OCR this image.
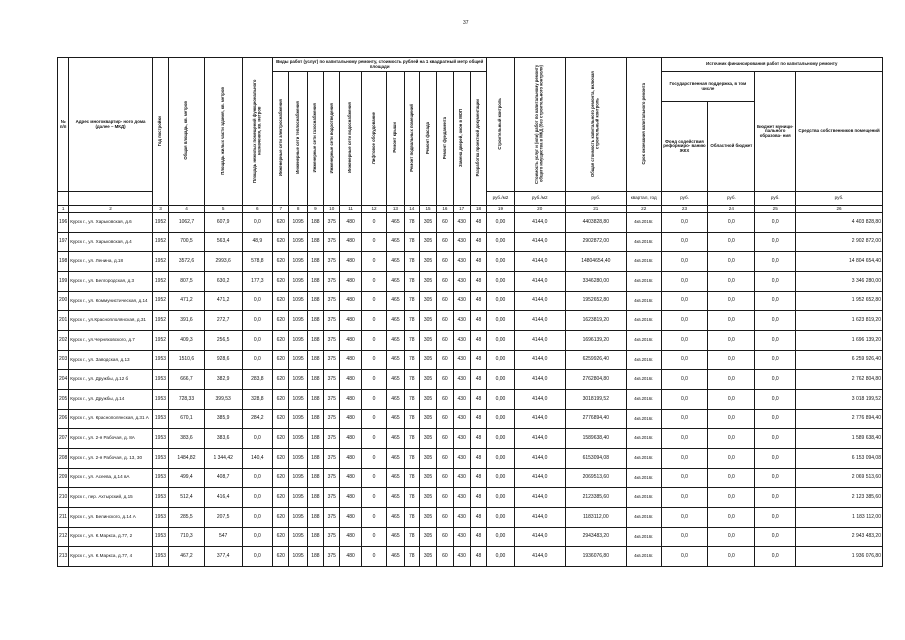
37
№ п/п	Адрес многоквартир- ного дома (далее – МКД)	Год постройки	Общая площадь, кв. метров	Площадь жилых части здания, кв. метров	Площадь нежилых помещений функционального назначения, кв. метров	Виды работ (услуг) по капитальному ремонту, стоимость рублей на 1 квадратный метр общей площади												Строительный контроль	Стоимость услуг и (или) работ по капитальному ремонту общего имущества в МКД (без строительного контроля)	Общая стоимость капитального ремонта, включая строительный контроль	Срок окончания капитального ремонта	Источник финансирования работ по капитальному ремонту			
						Инженерные сети электроснабжения	Инженерные сети теплоснабжения	Инженерные сети газоснабжения	Инженерные сети водоотведения	Инженерные сети водоснабжения	Лифтовое оборудование	Ремонт крыши	Ремонт подвальных помещений	Ремонт фасада	Ремонт фундамента	Замена дверей, окон в МОП	Разработка проектной документации					Государственная поддержка, в том числе		Бюджет муници- пального образова- ния	Средства собственников помещений
																						Фонд содействия реформиро- ванию ЖКХ	Областной бюджет		
																		руб./м2	руб./м2	руб.	квартал, год	руб.	руб.	руб.	руб.
1	2	3	4	5	6	7	8	9	10	11	12	13	14	15	16	17	18	19	20	21	22	23	24	25	26
196	Курск г., ул. Харьковская, д.6	1952	1062,7	607,9	0,0	620	1095	188	375	480	0	465	78	305	60	430	48	0,00	4144,0	4403828,80	4кв.2016г.	0,0	0,0	0,0	4 403 828,80
197	Курск г., ул. Харьковская, д.4	1952	700,5	563,4	48,9	620	1095	188	375	480	0	465	78	305	60	430	48	0,00	4144,0	2902872,00	4кв.2016г.	0,0	0,0	0,0	2 902 872,00
198	Курск г., ул. Ленина, д.18	1952	3572,6	2993,6	578,8	620	1095	188	375	480	0	465	78	305	60	430	48	0,00	4144,0	14804654,40	4кв.2016г.	0,0	0,0	0,0	14 804 654,40
199	Курск г., ул. Белгородская, д.3	1952	807,5	630,2	177,3	620	1095	188	375	480	0	465	78	305	60	430	48	0,00	4144,0	3346280,00	4кв.2016г.	0,0	0,0	0,0	3 346 280,00
200	Курск г., ул. Коммунистическая, д.14	1952	471,2	471,2	0,0	620	1095	188	375	480	0	465	78	305	60	430	48	0,00	4144,0	1952652,80	4кв.2016г.	0,0	0,0	0,0	1 952 652,80
201	Курск г., ул.Красноплолянская, д.31	1952	391,6	272,7	0,0	620	1095	188	375	480	0	465	78	305	60	430	48	0,00	4144,0	1623819,20	4кв.2016г.	0,0	0,0	0,0	1 623 819,20
202	Курск г., ул.Черняховского, д.7	1952	409,3	256,5	0,0	620	1095	188	375	480	0	465	78	305	60	430	48	0,00	4144,0	1696139,20	4кв.2016г.	0,0	0,0	0,0	1 696 139,20
203	Курск г., ул. Заводская, д.13	1953	1510,6	928,6	0,0	620	1095	188	375	480	0	465	78	305	60	430	48	0,00	4144,0	6259926,40	4кв.2016г.	0,0	0,0	0,0	6 259 926,40
204	Курск г., ул. Дружбы, д.12 б	1953	666,7	382,9	283,8	620	1095	188	375	480	0	465	78	305	60	430	48	0,00	4144,0	2762804,80	4кв.2016г.	0,0	0,0	0,0	2 762 804,80
205	Курск г., ул. Дружбы, д.14	1953	728,33	399,53	328,8	620	1095	188	375	480	0	465	78	305	60	430	48	0,00	4144,0	3018199,52	4кв.2016г.	0,0	0,0	0,0	3 018 199,52
206	Курск г., ул. Краснополянская, д.31 А	1953	670,1	385,9	284,2	620	1095	188	375	480	0	465	78	305	60	430	48	0,00	4144,0	2776894,40	4кв.2016г.	0,0	0,0	0,0	2 776 894,40
207	Курск г., ул. 2-я Рабочая, д. 8А	1953	383,6	383,6	0,0	620	1095	188	375	480	0	465	78	305	60	430	48	0,00	4144,0	1589638,40	4кв.2016г.	0,0	0,0	0,0	1 589 638,40
208	Курск г., ул. 2-я Рабочая, д. 13, 30	1953	1484,82	1 344,42	140,4	620	1095	188	375	480	0	465	78	305	60	430	48	0,00	4144,0	6153094,08	4кв.2016г.	0,0	0,0	0,0	6 153 094,08
209	Курск г., ул. Асеева, д.14 вА	1953	499,4	408,7	0,0	620	1095	188	375	480	0	465	78	305	60	430	48	0,00	4144,0	2069513,60	4кв.2016г.	0,0	0,0	0,0	2 069 513,60
210	Курск г., пер. Ахтырский, д.15	1953	512,4	416,4	0,0	620	1095	188	375	480	0	465	78	305	60	430	48	0,00	4144,0	2123385,60	4кв.2016г.	0,0	0,0	0,0	2 123 385,60
211	Курск г., ул. Белинского, д.14 А	1953	285,5	207,5	0,0	620	1095	188	375	480	0	465	78	305	60	430	48	0,00	4144,0	1183112,00	4кв.2016г.	0,0	0,0	0,0	1 183 112,00
212	Курск г., ул. К.Маркса, д.77, 2	1953	710,3	547	0,0	620	1095	188	375	480	0	465	78	305	60	430	48	0,00	4144,0	2943483,20	4кв.2016г.	0,0	0,0	0,0	2 943 483,20
213	Курск г., ул. К.Маркса, д.77, 4	1953	467,2	377,4	0,0	620	1095	188	375	480	0	465	78	305	60	430	48	0,00	4144,0	1936076,80	4кв.2016г.	0,0	0,0	0,0	1 936 076,80
